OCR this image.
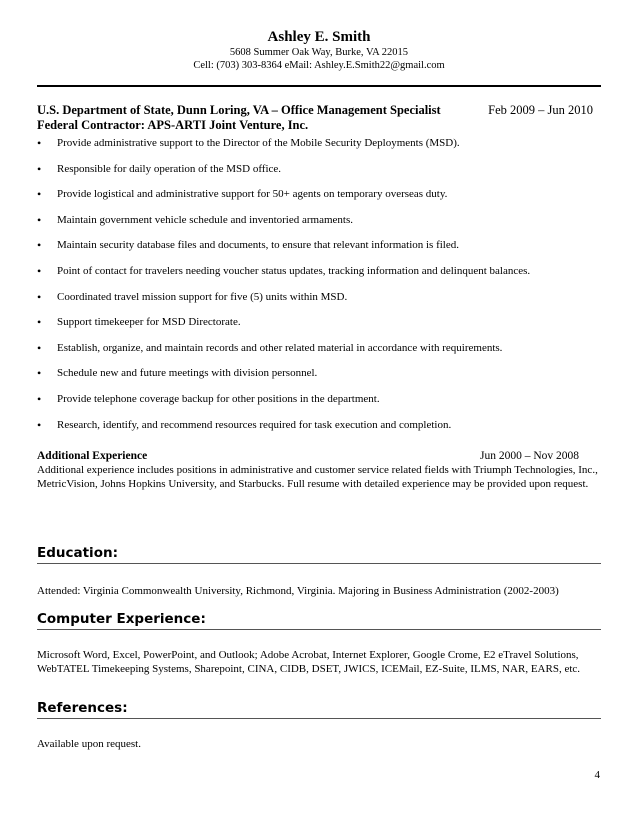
Ashley E. Smith
5608 Summer Oak Way, Burke, VA 22015
Cell: (703) 303-8364 eMail: Ashley.E.Smith22@gmail.com
U.S. Department of State, Dunn Loring, VA – Office Management Specialist	Feb 2009 – Jun 2010
Federal Contractor: APS-ARTI Joint Venture, Inc.
• Provide administrative support to the Director of the Mobile Security Deployments (MSD).
• Responsible for daily operation of the MSD office.
• Provide logistical and administrative support for 50+ agents on temporary overseas duty.
• Maintain government vehicle schedule and inventoried armaments.
• Maintain security database files and documents, to ensure that relevant information is filed.
• Point of contact for travelers needing voucher status updates, tracking information and delinquent balances.
• Coordinated travel mission support for five (5) units within MSD.
• Support timekeeper for MSD Directorate.
• Establish, organize, and maintain records and other related material in accordance with requirements.
• Schedule new and future meetings with division personnel.
• Provide telephone coverage backup for other positions in the department.
• Research, identify, and recommend resources required for task execution and completion.
Additional Experience	Jun 2000 – Nov 2008
Additional experience includes positions in administrative and customer service related fields with Triumph Technologies, Inc., MetricVision, Johns Hopkins University, and Starbucks. Full resume with detailed experience may be provided upon request.
Education:
Attended: Virginia Commonwealth University, Richmond, Virginia. Majoring in Business Administration (2002-2003)
Computer Experience:
Microsoft Word, Excel, PowerPoint, and Outlook; Adobe Acrobat, Internet Explorer, Google Crome, E2 eTravel Solutions, WebTATEL Timekeeping Systems, Sharepoint, CINA, CIDB, DSET, JWICS, ICEMail, EZ-Suite, ILMS, NAR, EARS, etc.
References:
Available upon request.
4
